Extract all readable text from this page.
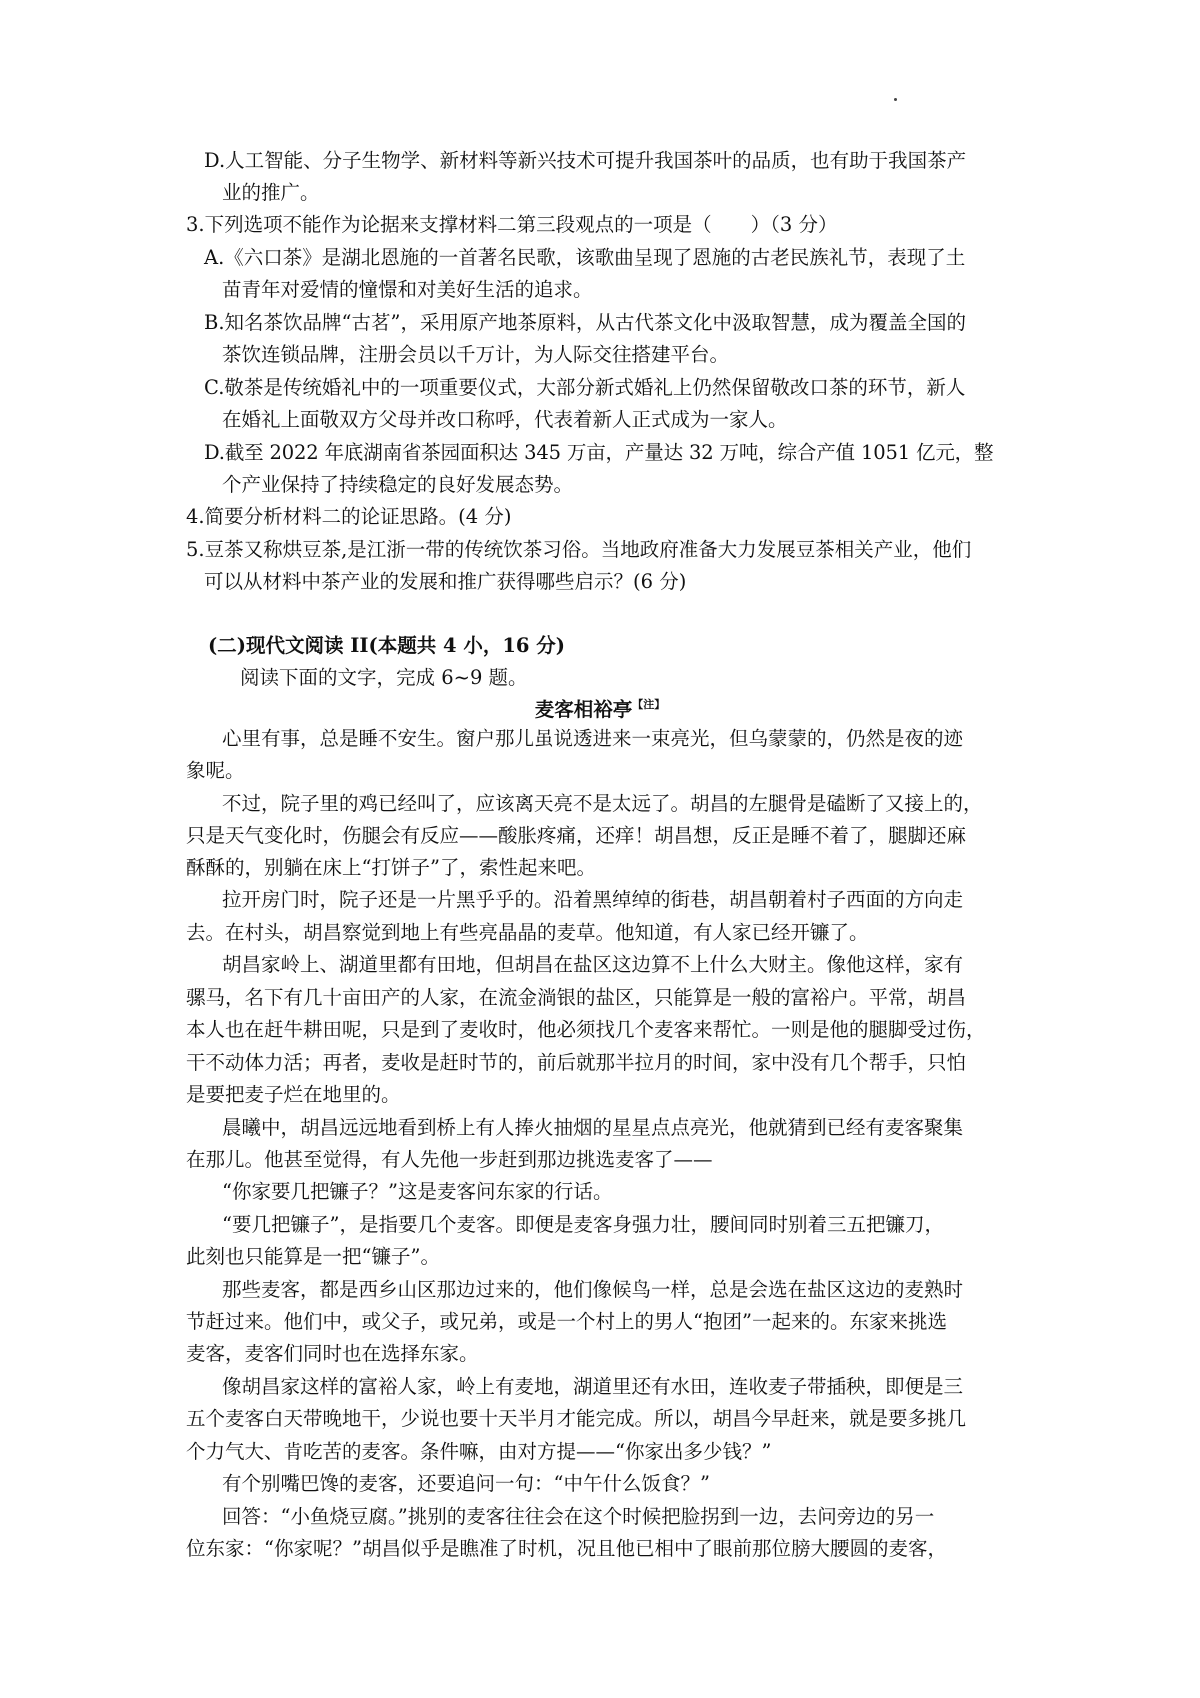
D.人工智能、分子生物学、新材料等新兴技术可提升我国茶叶的品质，也有助于我国茶产
业的推广。
3.下列选项不能作为论据来支撑材料二第三段观点的一项是（　　）（3 分）
A.《六口茶》是湖北恩施的一首著名民歌，该歌曲呈现了恩施的古老民族礼节，表现了土
苗青年对爱情的憧憬和对美好生活的追求。
B.知名茶饮品牌“古茗”，采用原产地茶原料，从古代茶文化中汲取智慧，成为覆盖全国的
茶饮连锁品牌，注册会员以千万计，为人际交往搭建平台。
C.敬茶是传统婚礼中的一项重要仪式，大部分新式婚礼上仍然保留敬改口茶的环节，新人
在婚礼上面敬双方父母并改口称呼，代表着新人正式成为一家人。
D.截至 2022 年底湖南省茶园面积达 345 万亩，产量达 32 万吨，综合产值 1051 亿元，整
个产业保持了持续稳定的良好发展态势。
4.简要分析材料二的论证思路。(4 分)
5.豆茶又称烘豆茶,是江浙一带的传统饮茶习俗。当地政府准备大力发展豆茶相关产业，他们
可以从材料中茶产业的发展和推广获得哪些启示？(6 分)
(二)现代文阅读 II(本题共 4 小，16 分)
阅读下面的文字，完成 6~9 题。
麦客相裕亭$^{【注】}$
心里有事，总是睡不安生。窗户那儿虽说透进来一束亮光，但乌蒙蒙的，仍然是夜的迹
象呢。
不过，院子里的鸡已经叫了，应该离天亮不是太远了。胡昌的左腿骨是磕断了又接上的，
只是天气变化时，伤腿会有反应——酸胀疼痛，还痒！胡昌想，反正是睡不着了，腿脚还麻
酥酥的，别躺在床上“打饼子”了，索性起来吧。
拉开房门时，院子还是一片黑乎乎的。沿着黑绰绰的街巷，胡昌朝着村子西面的方向走
去。在村头，胡昌察觉到地上有些亮晶晶的麦草。他知道，有人家已经开镰了。
胡昌家岭上、湖道里都有田地，但胡昌在盐区这边算不上什么大财主。像他这样，家有
骡马，名下有几十亩田产的人家，在流金淌银的盐区，只能算是一般的富裕户。平常，胡昌
本人也在赶牛耕田呢，只是到了麦收时，他必须找几个麦客来帮忙。一则是他的腿脚受过伤，
干不动体力活；再者，麦收是赶时节的，前后就那半拉月的时间，家中没有几个帮手，只怕
是要把麦子烂在地里的。
晨曦中，胡昌远远地看到桥上有人捧火抽烟的星星点点亮光，他就猜到已经有麦客聚集
在那儿。他甚至觉得，有人先他一步赶到那边挑选麦客了——
“你家要几把镰子？”这是麦客问东家的行话。
“要几把镰子”，是指要几个麦客。即便是麦客身强力壮，腰间同时别着三五把镰刀，
此刻也只能算是一把“镰子”。
那些麦客，都是西乡山区那边过来的，他们像候鸟一样，总是会选在盐区这边的麦熟时
节赶过来。他们中，或父子，或兄弟，或是一个村上的男人“抱团”一起来的。东家来挑选
麦客，麦客们同时也在选择东家。
像胡昌家这样的富裕人家，岭上有麦地，湖道里还有水田，连收麦子带插秧，即便是三
五个麦客白天带晚地干，少说也要十天半月才能完成。所以，胡昌今早赶来，就是要多挑几
个力气大、肯吃苦的麦客。条件嘛，由对方提——“你家出多少钱？”
有个别嘴巴馋的麦客，还要追问一句：“中午什么饭食？”
回答：“小鱼烧豆腐。”挑别的麦客往往会在这个时候把脸拐到一边，去问旁边的另一
位东家：“你家呢？”胡昌似乎是瞧准了时机，况且他已相中了眼前那位膀大腰圆的麦客，
